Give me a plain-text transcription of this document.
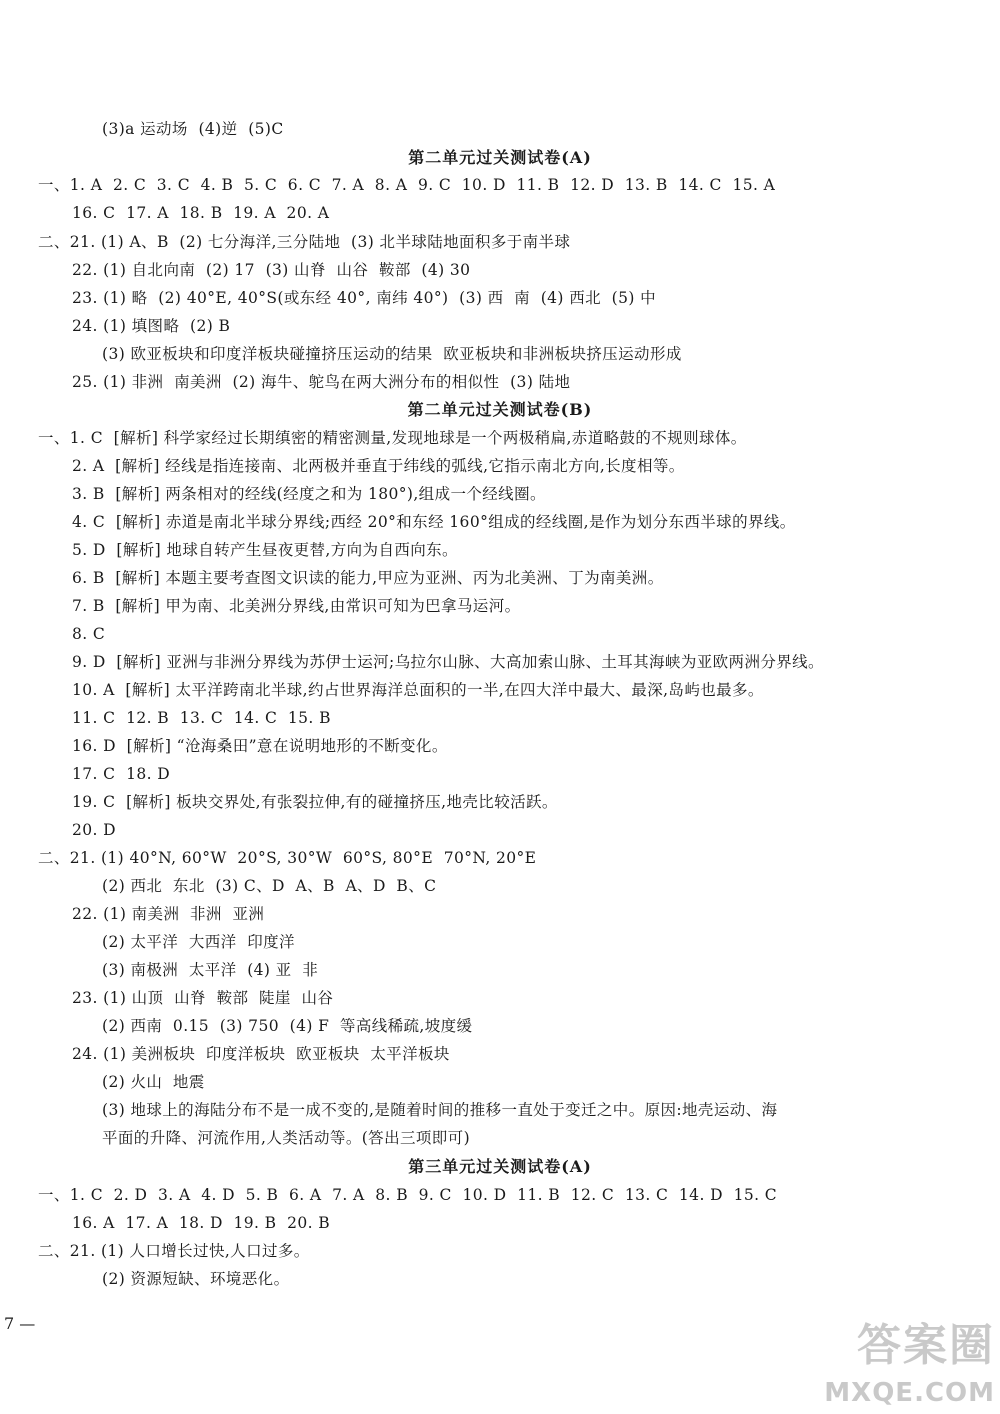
(3)a 运动场  (4)逆  (5)C
第二单元过关测试卷(A)
一、1. A  2. C  3. C  4. B  5. C  6. C  7. A  8. A  9. C  10. D  11. B  12. D  13. B  14. C  15. A
16. C  17. A  18. B  19. A  20. A
二、21. (1) A、B  (2) 七分海洋,三分陆地  (3) 北半球陆地面积多于南半球
22. (1) 自北向南  (2) 17  (3) 山脊  山谷  鞍部  (4) 30
23. (1) 略  (2) 40°E, 40°S(或东经 40°, 南纬 40°)  (3) 西  南  (4) 西北  (5) 中
24. (1) 填图略  (2) B
(3) 欧亚板块和印度洋板块碰撞挤压运动的结果  欧亚板块和非洲板块挤压运动形成
25. (1) 非洲  南美洲  (2) 海牛、鸵鸟在两大洲分布的相似性  (3) 陆地
第二单元过关测试卷(B)
一、1. C  [解析] 科学家经过长期缜密的精密测量,发现地球是一个两极稍扁,赤道略鼓的不规则球体。
2. A  [解析] 经线是指连接南、北两极并垂直于纬线的弧线,它指示南北方向,长度相等。
3. B  [解析] 两条相对的经线(经度之和为 180°),组成一个经线圈。
4. C  [解析] 赤道是南北半球分界线;西经 20°和东经 160°组成的经线圈,是作为划分东西半球的界线。
5. D  [解析] 地球自转产生昼夜更替,方向为自西向东。
6. B  [解析] 本题主要考查图文识读的能力,甲应为亚洲、丙为北美洲、丁为南美洲。
7. B  [解析] 甲为南、北美洲分界线,由常识可知为巴拿马运河。
8. C
9. D  [解析] 亚洲与非洲分界线为苏伊士运河;乌拉尔山脉、大高加索山脉、土耳其海峡为亚欧两洲分界线。
10. A  [解析] 太平洋跨南北半球,约占世界海洋总面积的一半,在四大洋中最大、最深,岛屿也最多。
11. C  12. B  13. C  14. C  15. B
16. D  [解析] “沧海桑田”意在说明地形的不断变化。
17. C  18. D
19. C  [解析] 板块交界处,有张裂拉伸,有的碰撞挤压,地壳比较活跃。
20. D
二、21. (1) 40°N, 60°W  20°S, 30°W  60°S, 80°E  70°N, 20°E
(2) 西北  东北  (3) C、D  A、B  A、D  B、C
22. (1) 南美洲  非洲  亚洲
(2) 太平洋  大西洋  印度洋
(3) 南极洲  太平洋  (4) 亚  非
23. (1) 山顶  山脊  鞍部  陡崖  山谷
(2) 西南  0.15  (3) 750  (4) F  等高线稀疏,坡度缓
24. (1) 美洲板块  印度洋板块  欧亚板块  太平洋板块
(2) 火山  地震
(3) 地球上的海陆分布不是一成不变的,是随着时间的推移一直处于变迁之中。原因:地壳运动、海
平面的升降、河流作用,人类活动等。(答出三项即可)
第三单元过关测试卷(A)
一、1. C  2. D  3. A  4. D  5. B  6. A  7. A  8. B  9. C  10. D  11. B  12. C  13. C  14. D  15. C
16. A  17. A  18. D  19. B  20. B
二、21. (1) 人口增长过快,人口过多。
(2) 资源短缺、环境恶化。
7 —	答案圈
MXQE.COM
